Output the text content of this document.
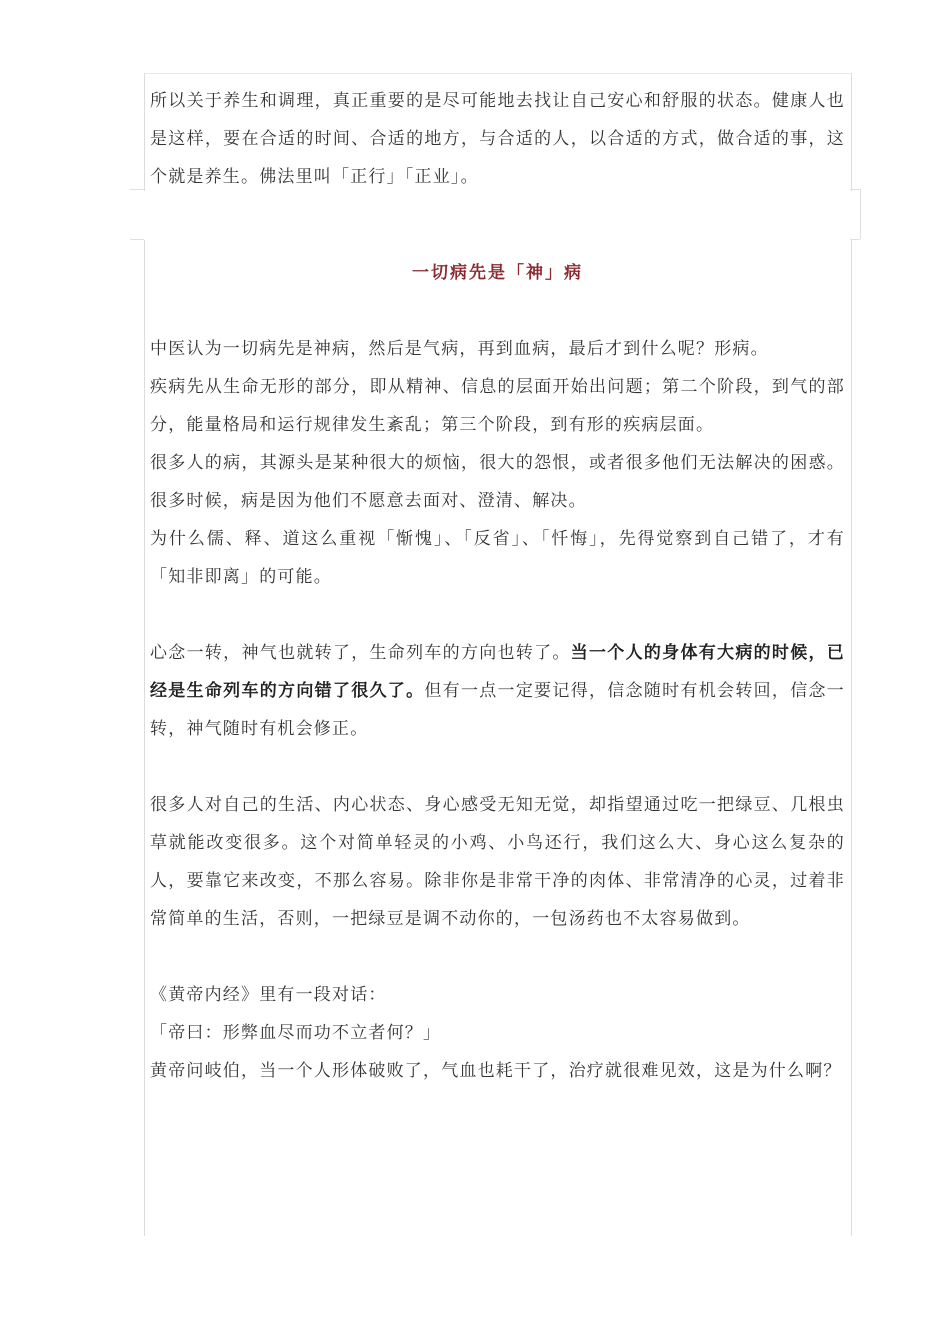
所以关于养生和调理，真正重要的是尽可能地去找让自己安心和舒服的状态。健康人也是这样，要在合适的时间、合适的地方，与合适的人，以合适的方式，做合适的事，这个就是养生。佛法里叫「正行」「正业」。

一切病先是「神」病

中医认为一切病先是神病，然后是气病，再到血病，最后才到什么呢？形病。

疾病先从生命无形的部分，即从精神、信息的层面开始出问题；第二个阶段，到气的部分，能量格局和运行规律发生紊乱；第三个阶段，到有形的疾病层面。

很多人的病，其源头是某种很大的烦恼，很大的怨恨，或者很多他们无法解决的困惑。很多时候，病是因为他们不愿意去面对、澄清、解决。

为什么儒、释、道这么重视「惭愧」、「反省」、「忏悔」，先得觉察到自己错了，才有「知非即离」的可能。

心念一转，神气也就转了，生命列车的方向也转了。当一个人的身体有大病的时候，已经是生命列车的方向错了很久了。但有一点一定要记得，信念随时有机会转回，信念一转，神气随时有机会修正。

很多人对自己的生活、内心状态、身心感受无知无觉，却指望通过吃一把绿豆、几根虫草就能改变很多。这个对简单轻灵的小鸡、小鸟还行，我们这么大、身心这么复杂的人，要靠它来改变，不那么容易。除非你是非常干净的肉体、非常清净的心灵，过着非常简单的生活，否则，一把绿豆是调不动你的，一包汤药也不太容易做到。

《黄帝内经》里有一段对话：

「帝曰：形弊血尽而功不立者何？」

黄帝问岐伯，当一个人形体破败了，气血也耗干了，治疗就很难见效，这是为什么啊？
